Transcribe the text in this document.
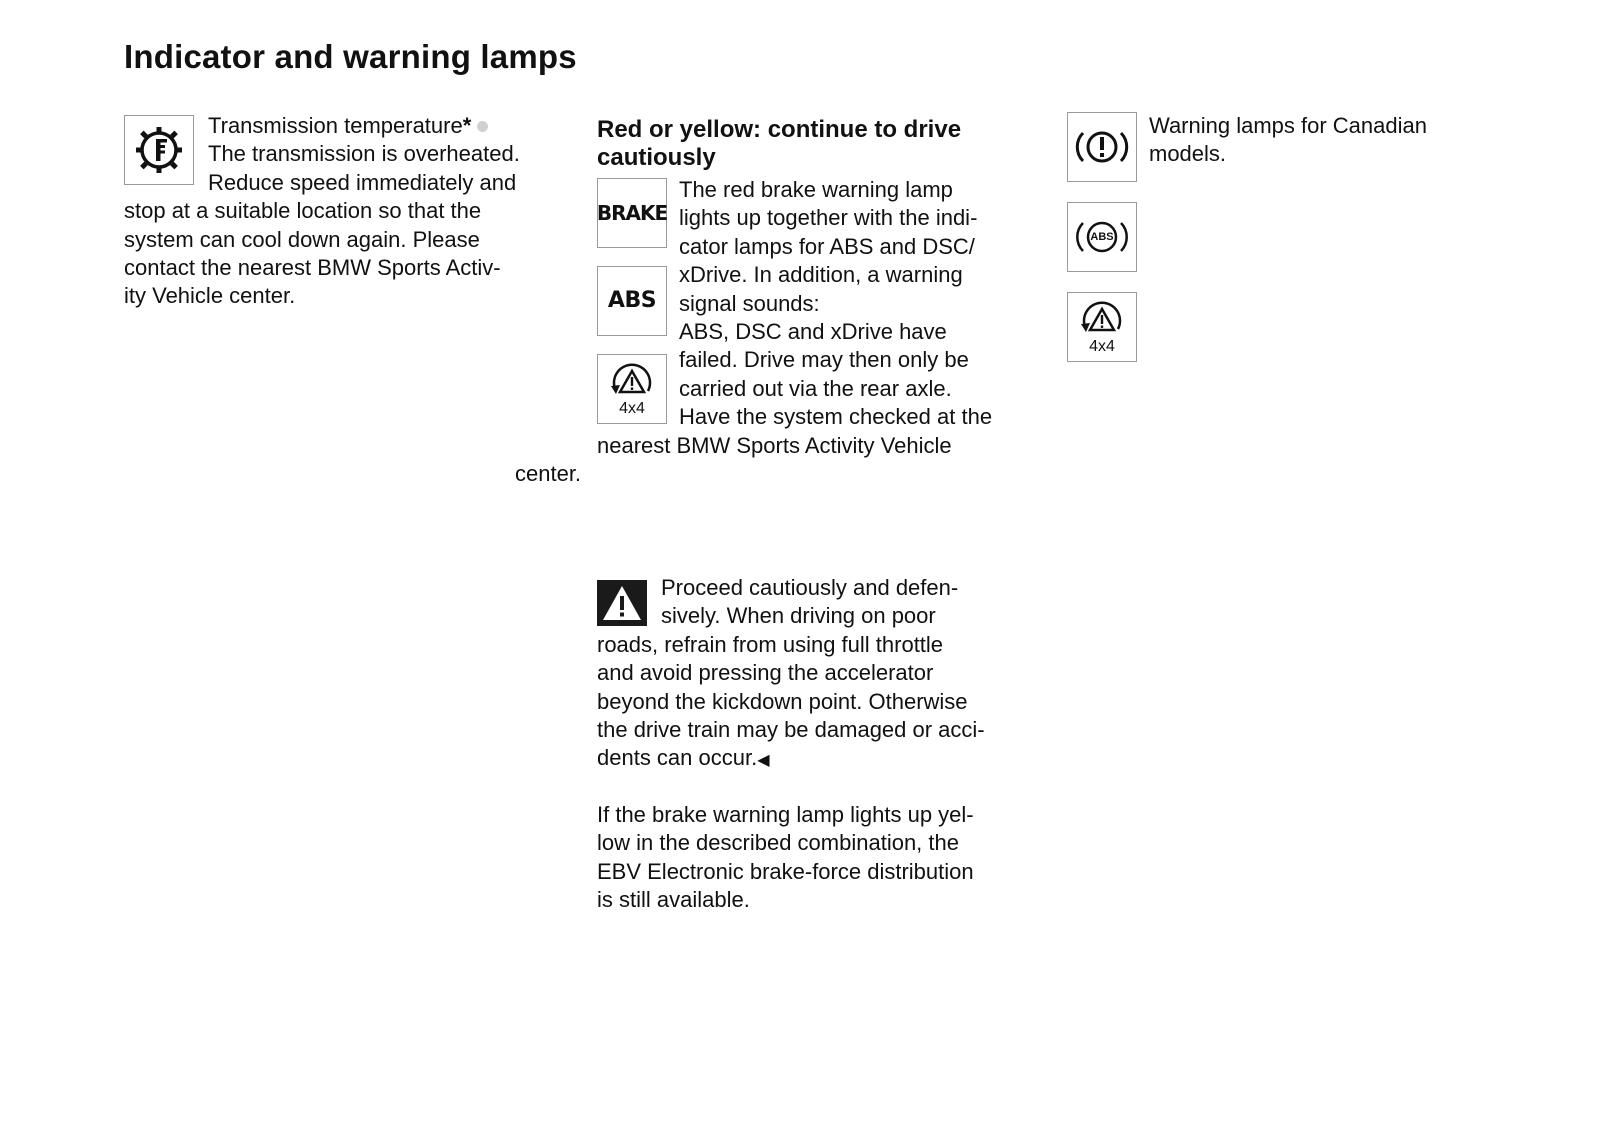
Indicator and warning lamps

Transmission temperature*
The transmission is overheated.
Reduce speed immediately and
stop at a suitable location so that the
system can cool down again. Please
contact the nearest BMW Sports Activ-
ity Vehicle center.

Red or yellow: continue to drive
cautiously
BRAKE
ABS
4x4

The red brake warning lamp
lights up together with the indi-
cator lamps for ABS and DSC/
xDrive. In addition, a warning
signal sounds:
ABS, DSC and xDrive have
failed. Drive may then only be
carried out via the rear axle.
Have the system checked at the
nearest BMW Sports Activity Vehicle
center.

Proceed cautiously and defen-
sively. When driving on poor
roads, refrain from using full throttle
and avoid pressing the accelerator
beyond the kickdown point. Otherwise
the drive train may be damaged or acci-
dents can occur.◀

If the brake warning lamp lights up yel-
low in the described combination, the
EBV Electronic brake-force distribution
is still available.

ABS
4x4

Warning lamps for Canadian
models.
